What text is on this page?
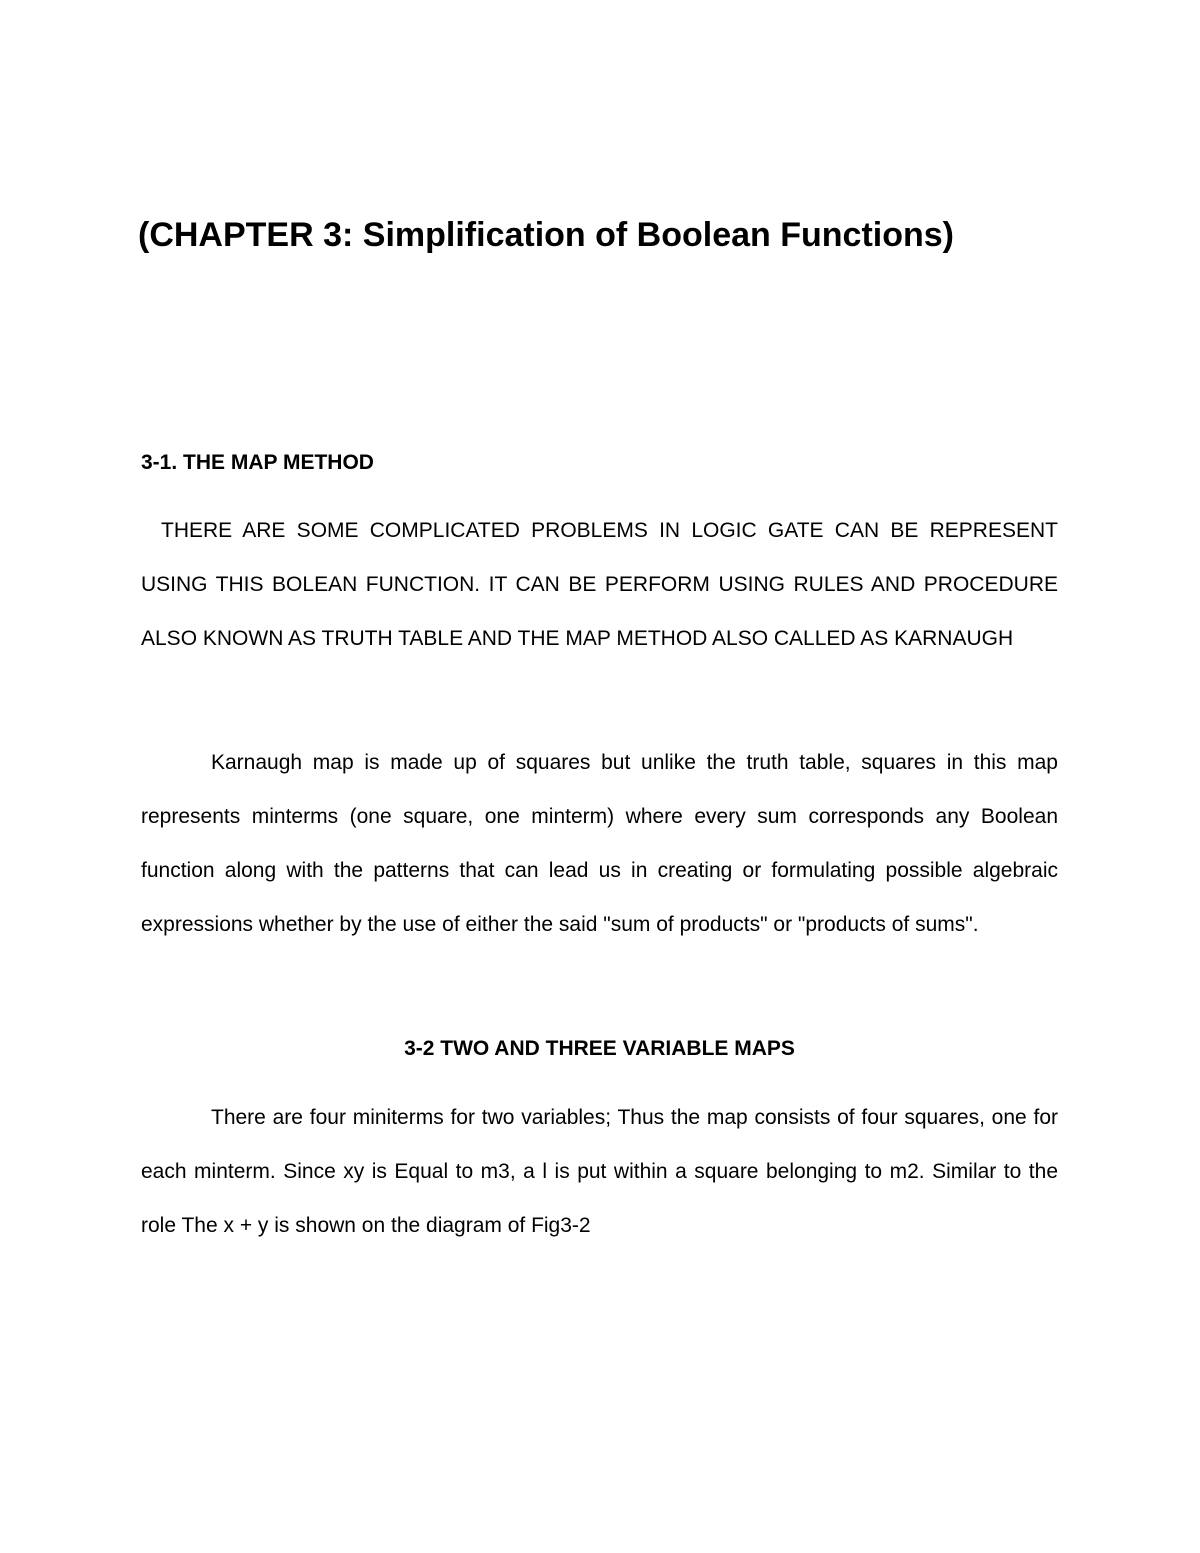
(CHAPTER 3: Simplification of Boolean Functions)
3-1. THE MAP METHOD

THERE ARE SOME COMPLICATED PROBLEMS IN LOGIC GATE CAN BE REPRESENT USING THIS BOLEAN FUNCTION. IT CAN BE PERFORM USING RULES AND PROCEDURE ALSO KNOWN AS TRUTH TABLE AND THE MAP METHOD ALSO CALLED AS KARNAUGH

Karnaugh map is made up of squares but unlike the truth table, squares in this map represents minterms (one square, one minterm) where every sum corresponds any Boolean function along with the patterns that can lead us in creating or formulating possible algebraic expressions whether by the use of either the said "sum of products" or "products of sums".

3-2 TWO AND THREE VARIABLE MAPS

There are four miniterms for two variables; Thus the map consists of four squares, one for each minterm. Since xy is Equal to m3, a l is put within a square belonging to m2. Similar to the role The x + y is shown on the diagram of Fig3-2
